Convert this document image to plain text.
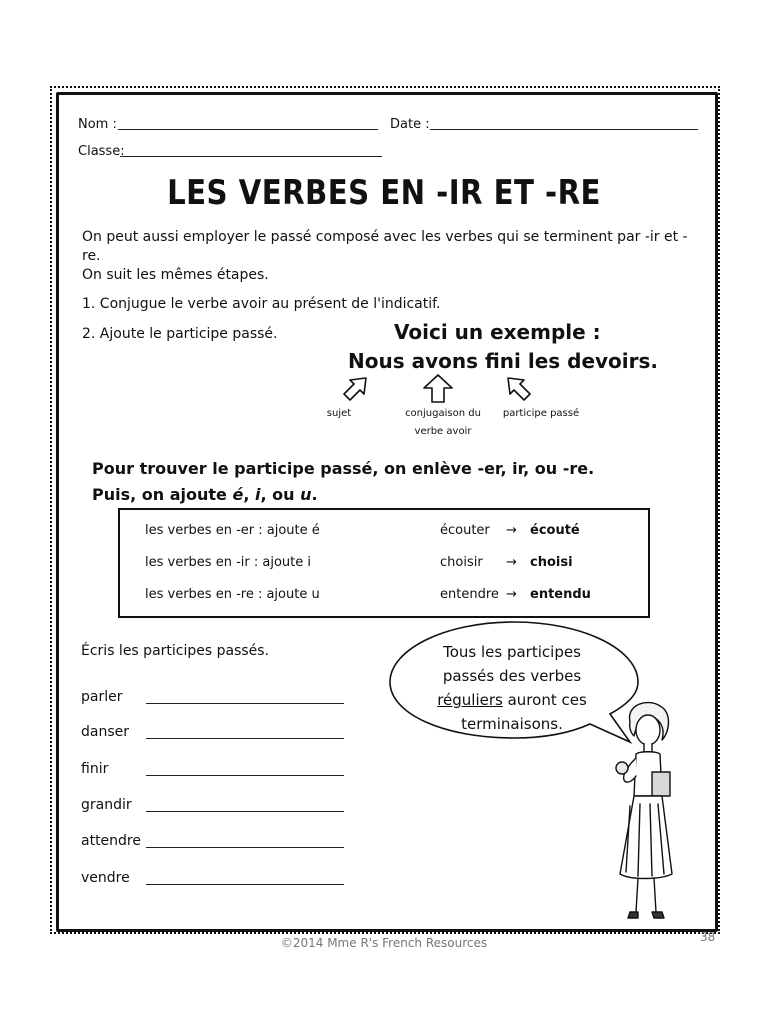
Nom :	Date :
Classe:
LES VERBES EN -IR ET -RE
On peut aussi employer le passé composé avec les verbes qui se terminent par -ir et -re.
On suit les mêmes étapes.
1. Conjugue le verbe avoir au présent de l'indicatif.
2. Ajoute le participe passé.	Voici un exemple :
Nous avons fini les devoirs.
sujet	conjugaison du
verbe avoir
participe passé
Pour trouver le participe passé, on enlève -er, ir, ou -re.
Puis, on ajoute é, i, ou u.
les verbes en -er : ajoute é	écouter → écouté
les verbes en -ir : ajoute i	choisir → choisi
les verbes en -re : ajoute u	entendre → entendu
Écris les participes passés.
parler
danser
finir
grandir
attendre
vendre
Tous les participes
passés des verbes
réguliers auront ces
terminaisons.
©2014 Mme R's French Resources	38
